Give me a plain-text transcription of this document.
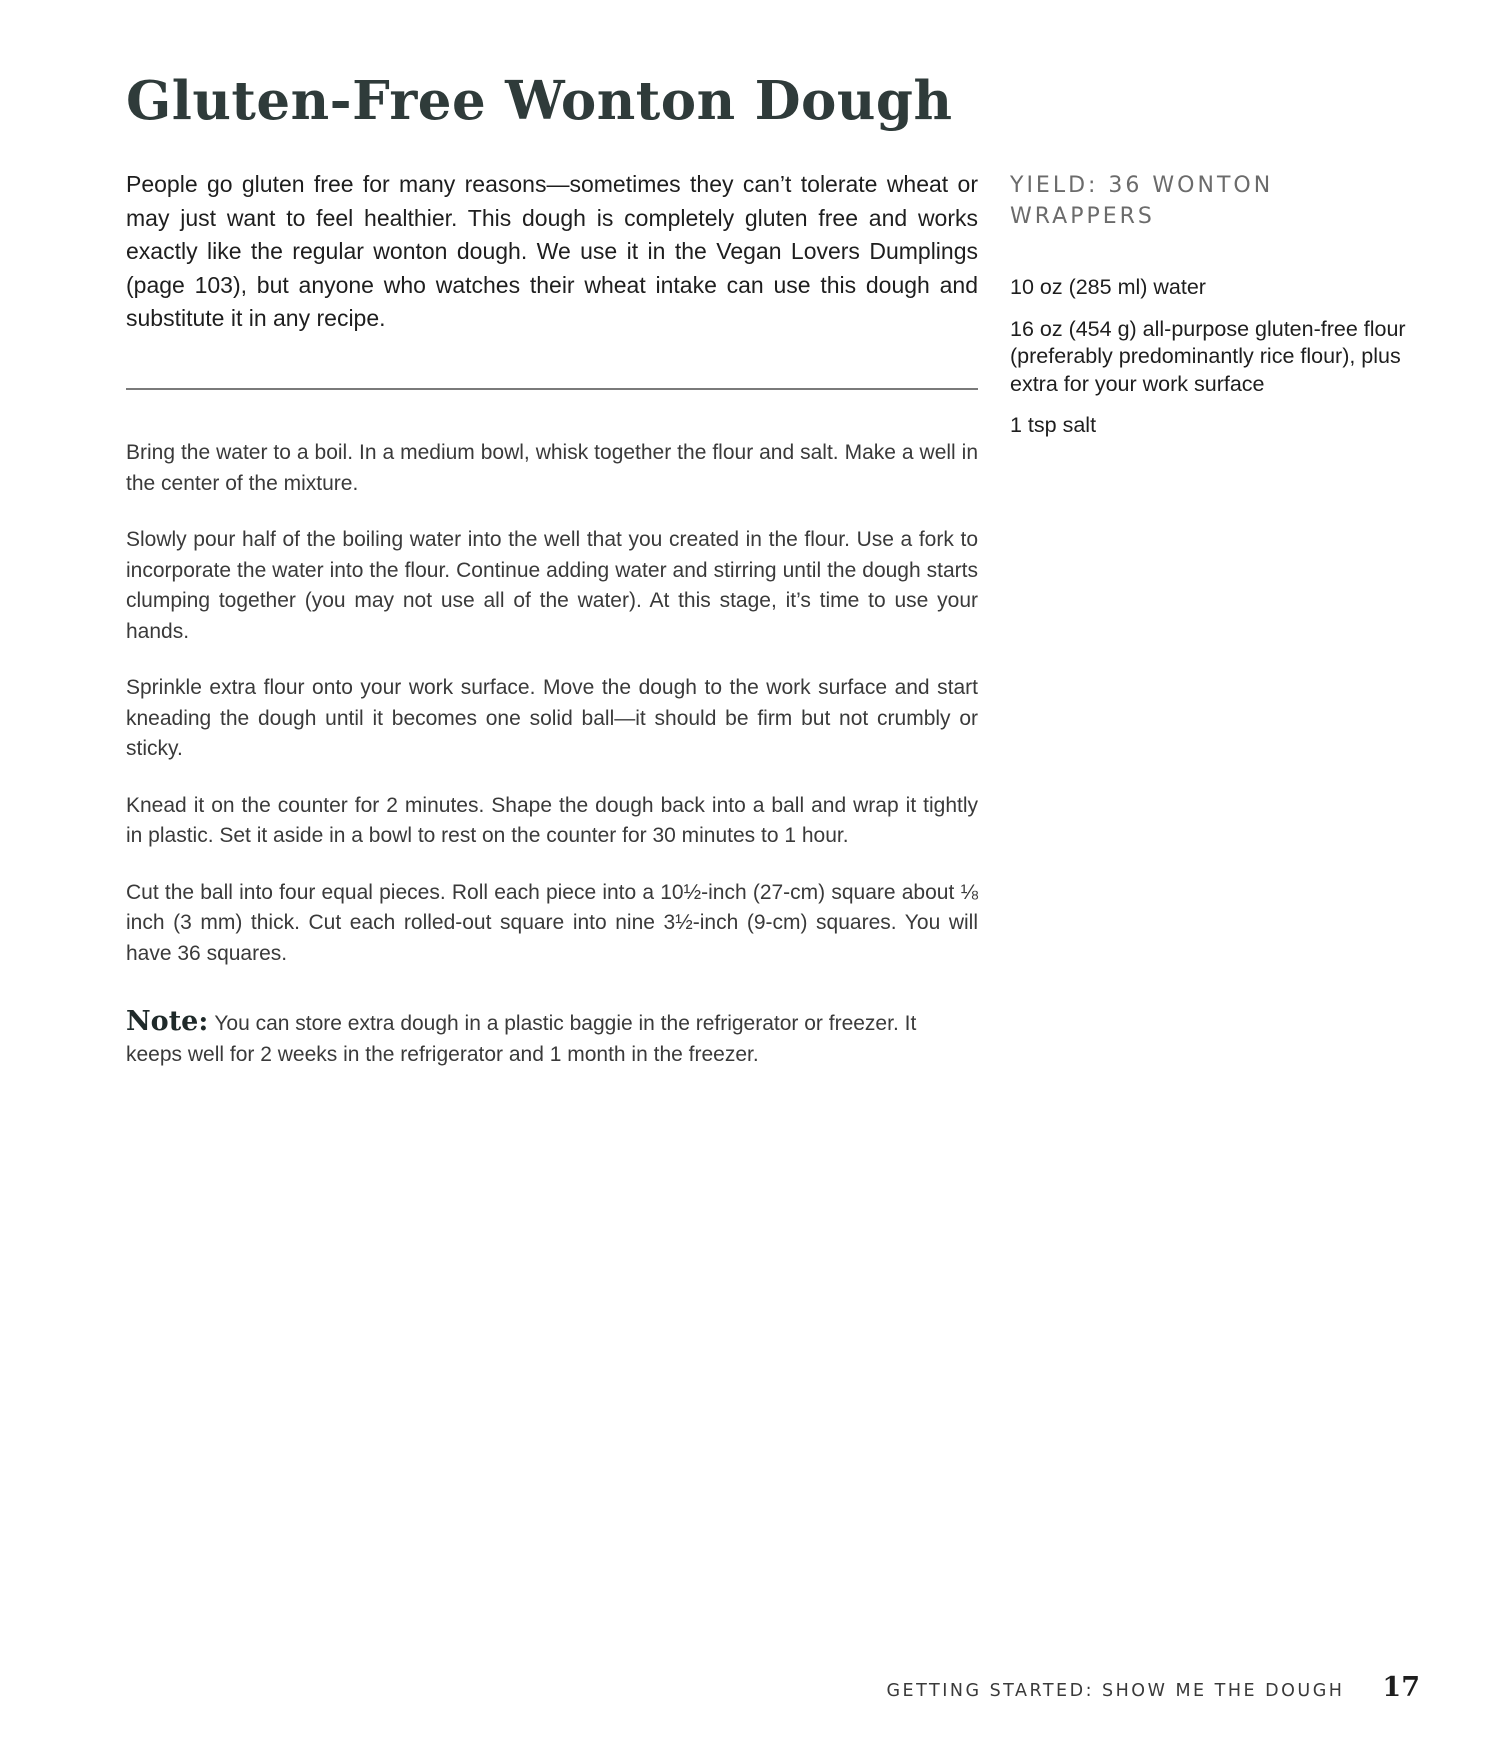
Gluten-Free Wonton Dough

People go gluten free for many reasons—sometimes they can’t tolerate wheat or may just want to feel healthier. This dough is completely gluten free and works exactly like the regular wonton dough. We use it in the Vegan Lovers Dumplings (page 103), but anyone who watches their wheat intake can use this dough and substitute it in any recipe.

Bring the water to a boil. In a medium bowl, whisk together the flour and salt. Make a well in the center of the mixture.

Slowly pour half of the boiling water into the well that you created in the flour. Use a fork to incorporate the water into the flour. Continue adding water and stirring until the dough starts clumping together (you may not use all of the water). At this stage, it’s time to use your hands.

Sprinkle extra flour onto your work surface. Move the dough to the work surface and start kneading the dough until it becomes one solid ball—it should be firm but not crumbly or sticky.

Knead it on the counter for 2 minutes. Shape the dough back into a ball and wrap it tightly in plastic. Set it aside in a bowl to rest on the counter for 30 minutes to 1 hour.

Cut the ball into four equal pieces. Roll each piece into a 10½-inch (27-cm) square about ⅛ inch (3 mm) thick. Cut each rolled-out square into nine 3½-inch (9-cm) squares. You will have 36 squares.

Note: You can store extra dough in a plastic baggie in the refrigerator or freezer. It keeps well for 2 weeks in the refrigerator and 1 month in the freezer.

YIELD: 36 WONTON WRAPPERS

10 oz (285 ml) water

16 oz (454 g) all-purpose gluten-free flour (preferably predominantly rice flour), plus extra for your work surface

1 tsp salt

GETTING STARTED: SHOW ME THE DOUGH 17
